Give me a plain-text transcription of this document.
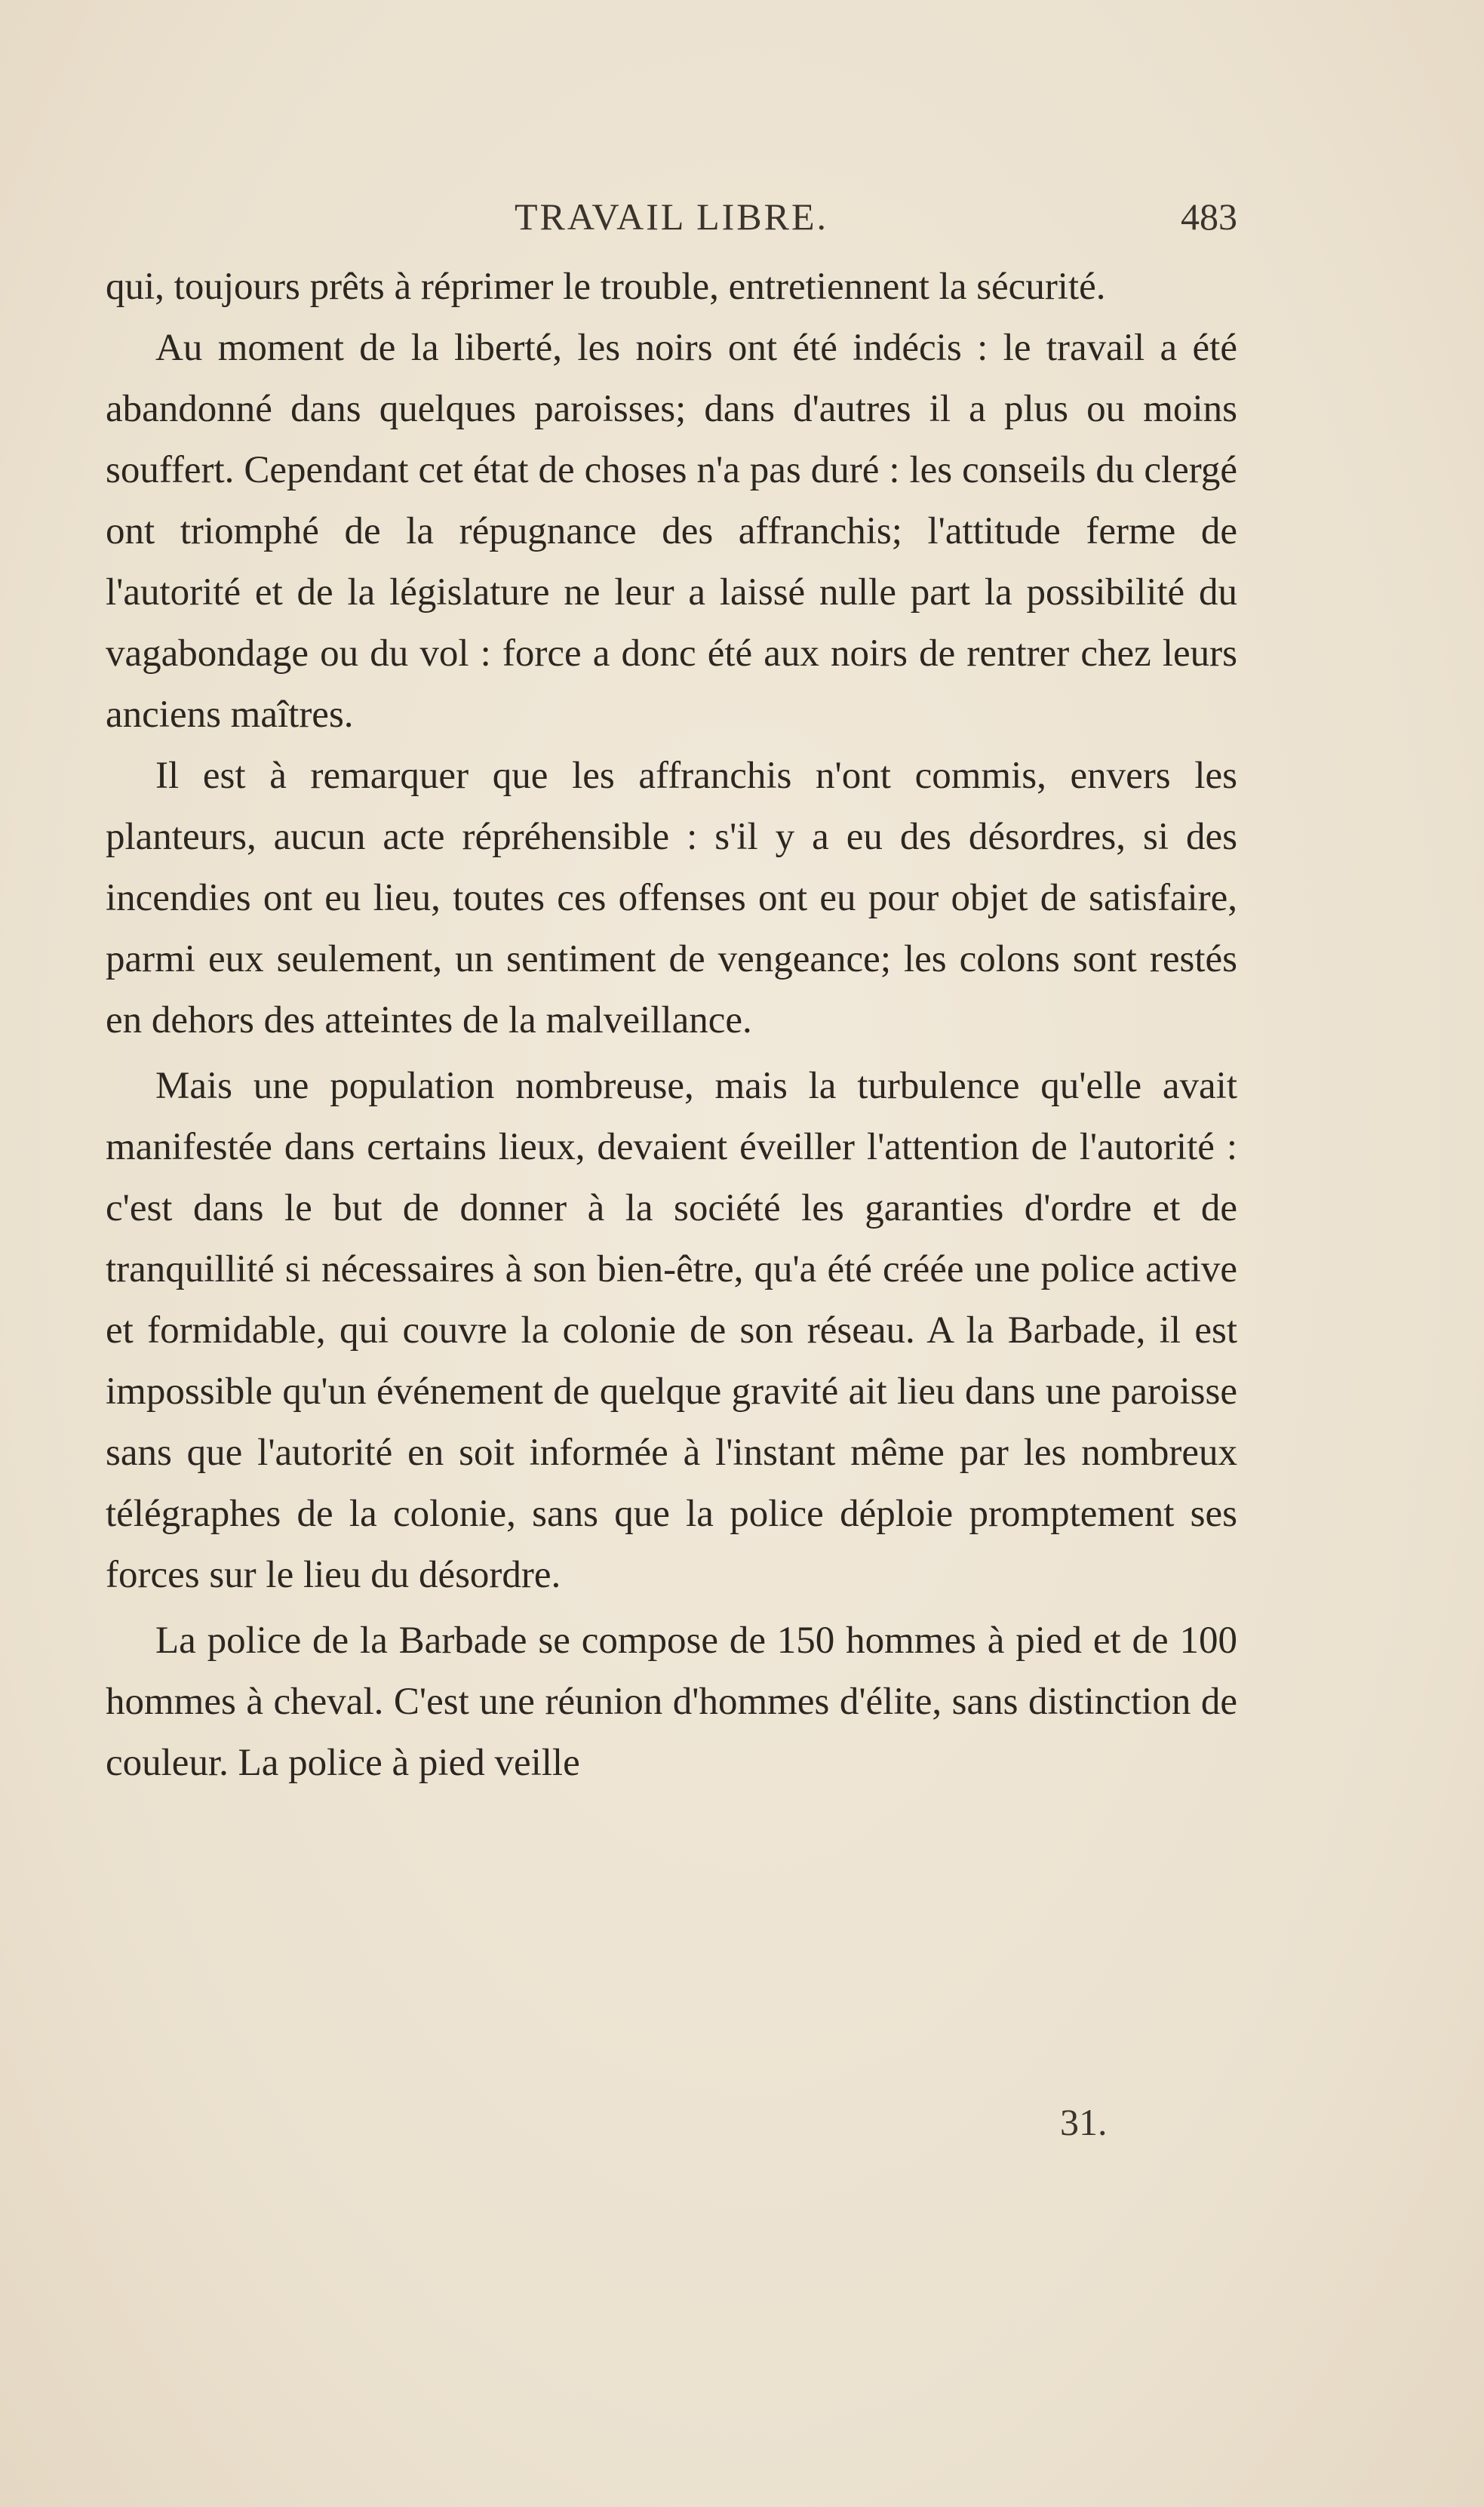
TRAVAIL LIBRE.	483

qui, toujours prêts à réprimer le trouble, entretiennent la sécurité.

Au moment de la liberté, les noirs ont été indécis : le travail a été abandonné dans quelques paroisses; dans d'autres il a plus ou moins souffert. Cependant cet état de choses n'a pas duré : les conseils du clergé ont triomphé de la répugnance des affranchis; l'attitude ferme de l'autorité et de la législature ne leur a laissé nulle part la possibilité du vagabondage ou du vol : force a donc été aux noirs de rentrer chez leurs anciens maîtres.

Il est à remarquer que les affranchis n'ont commis, envers les planteurs, aucun acte répréhensible : s'il y a eu des désordres, si des incendies ont eu lieu, toutes ces offenses ont eu pour objet de satisfaire, parmi eux seulement, un sentiment de vengeance; les colons sont restés en dehors des atteintes de la malveillance.

Mais une population nombreuse, mais la turbulence qu'elle avait manifestée dans certains lieux, devaient éveiller l'attention de l'autorité : c'est dans le but de donner à la société les garanties d'ordre et de tranquillité si nécessaires à son bien-être, qu'a été créée une police active et formidable, qui couvre la colonie de son réseau. A la Barbade, il est impossible qu'un événement de quelque gravité ait lieu dans une paroisse sans que l'autorité en soit informée à l'instant même par les nombreux télégraphes de la colonie, sans que la police déploie promptement ses forces sur le lieu du désordre.

La police de la Barbade se compose de 150 hommes à pied et de 100 hommes à cheval. C'est une réunion d'hommes d'élite, sans distinction de couleur. La police à pied veille

31.
